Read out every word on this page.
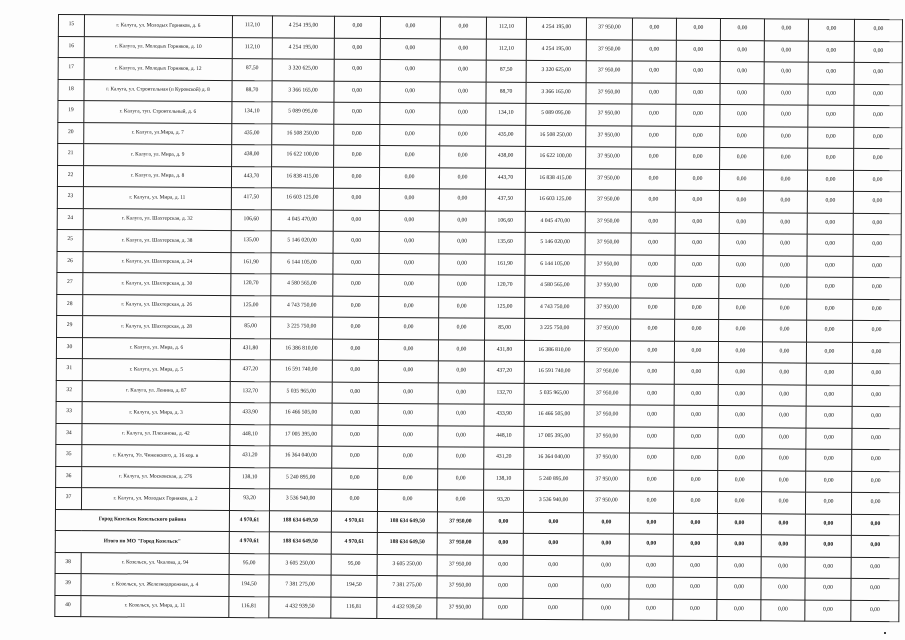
15	г. Калуга, ул. Молодых Горняков, д. 6	112,10	4 254 195,00	0,00	0,00	0,00	112,10	4 254 195,00	37 950,00	0,00	0,00	0,00	0,00	0,00	0,00
16	г. Калуга, ул. Молодых Горняков, д. 10	112,10	4 254 195,00	0,00	0,00	0,00	112,10	4 254 195,00	37 950,00	0,00	0,00	0,00	0,00	0,00	0,00
17	г. Калуга, ул. Молодых Горняков, д. 12	87,50	3 320 625,00	0,00	0,00	0,00	87,50	3 320 625,00	37 950,00	0,00	0,00	0,00	0,00	0,00	0,00
18	г. Калуга, ул. Строительная (п Куровской) д. 8	88,70	3 366 165,00	0,00	0,00	0,00	88,70	3 366 165,00	37 950,00	0,00	0,00	0,00	0,00	0,00	0,00
19	г. Калуга, туп. Строительный, д. 6	134,10	5 089 095,00	0,00	0,00	0,00	134,10	5 089 095,00	37 950,00	0,00	0,00	0,00	0,00	0,00	0,00
20	г. Калуга, ул.Мира, д. 7	435,00	16 508 250,00	0,00	0,00	0,00	435,00	16 508 250,00	37 950,00	0,00	0,00	0,00	0,00	0,00	0,00
21	г. Калуга, ул. Мира, д. 9	438,00	16 622 100,00	0,00	0,00	0,00	438,00	16 622 100,00	37 950,00	0,00	0,00	0,00	0,00	0,00	0,00
22	г. Калуга, ул. Мира, д. 8	443,70	16 838 415,00	0,00	0,00	0,00	443,70	16 838 415,00	37 950,00	0,00	0,00	0,00	0,00	0,00	0,00
23	г. Калуга, ул. Мира, д. 11	417,50	16 603 125,00	0,00	0,00	0,00	437,50	16 603 125,00	37 950,00	0,00	0,00	0,00	0,00	0,00	0,00
24	г. Калуга, ул. Шахтерская, д. 32	106,60	4 045 470,00	0,00	0,00	0,00	106,60	4 045 470,00	37 950,00	0,00	0,00	0,00	0,00	0,00	0,00
25	г. Калуга, ул. Шахтерская, д. 38	135,00	5 146 020,00	0,00	0,00	0,00	135,60	5 146 020,00	37 950,00	0,00	0,00	0,00	0,00	0,00	0,00
26	г. Калуга, ул. Шахтерская, д. 24	161,90	6 144 105,00	0,00	0,00	0,00	161,90	6 144 105,00	37 950,00	0,00	0,00	0,00	0,00	0,00	0,00
27	г. Калуга, ул. Шахтерская, д. 30	120,70	4 580 565,00	0,00	0,00	0,00	120,70	4 580 565,00	37 950,00	0,00	0,00	0,00	0,00	0,00	0,00
28	г. Калуга, ул. Шахтерская, д. 26	125,00	4 743 750,00	0,00	0,00	0,00	125,00	4 743 750,00	37 950,00	0,00	0,00	0,00	0,00	0,00	0,00
29	г. Калуга, ул. Шахтерская, д. 28	85,00	3 225 750,00	0,00	0,00	0,00	85,00	3 225 750,00	37 950,00	0,00	0,00	0,00	0,00	0,00	0,00
30	г. Калуга, ул. Мира, д. 6	431,80	16 386 810,00	0,00	0,00	0,00	431,80	16 386 810,00	37 950,00	0,00	0,00	0,00	0,00	0,00	0,00
31	г. Калуга, ул. Мира, д. 5	437,20	16 591 740,00	0,00	0,00	0,00	437,20	16 591 740,00	37 950,00	0,00	0,00	0,00	0,00	0,00	0,00
32	г. Калуга, ул. Ленина, д. 87	132,70	5 035 965,00	0,00	0,00	0,00	132,70	5 035 965,00	37 950,00	0,00	0,00	0,00	0,00	0,00	0,00
33	г. Калуга, ул. Мира, д. 3	433,90	16 466 505,00	0,00	0,00	0,00	433,90	16 466 505,00	37 950,00	0,00	0,00	0,00	0,00	0,00	0,00
34	г. Калуга, ул. Плеханова, д. 42	448,10	17 005 395,00	0,00	0,00	0,00	448,10	17 005 395,00	37 950,00	0,00	0,00	0,00	0,00	0,00	0,00
35	г. Калуга, Ул. Чижевского, д. 16 кор. в	431,20	16 364 040,00	0,00	0,00	0,00	431,20	16 364 040,00	37 950,00	0,00	0,00	0,00	0,00	0,00	0,00
36	г. Калуга, ул. Московская, д. 276	138,10	5 240 895,00	0,00	0,00	0,00	138,10	5 240 895,00	37 950,00	0,00	0,00	0,00	0,00	0,00	0,00
37	г. Калуга, ул. Молодых Горняков, д. 2	93,20	3 536 940,00	0,00	0,00	0,00	93,20	3 536 940,00	37 950,00	0,00	0,00	0,00	0,00	0,00	0,00
Город Козельск Козельского района		4 970,61	188 634 649,50	4 970,61	188 634 649,50	37 950,00	0,00	0,00	0,00	0,00	0,00	0,00	0,00	0,00	0,00
Итого по МО "Город Козельск"		4 970,61	188 634 649,50	4 970,61	188 634 649,50	37 950,00	0,00	0,00	0,00	0,00	0,00	0,00	0,00	0,00	0,00
38	г. Козельск, ул. Чкалова, д. 94	95,00	3 605 250,00	95,00	3 605 250,00	37 950,00	0,00	0,00	0,00	0,00	0,00	0,00	0,00	0,00	0,00
39	г. Козельск, ул. Железнодорожная, д. 4	194,50	7 381 275,00	194,50	7 381 275,00	37 950,00	0,00	0,00	0,00	0,00	0,00	0,00	0,00	0,00	0,00
40	г. Козельск, ул. Мира, д. 11	116,81	4 432 939,50	116,81	4 432 939,50	37 950,00	0,00	0,00	0,00	0,00	0,00	0,00	0,00	0,00	0,00
